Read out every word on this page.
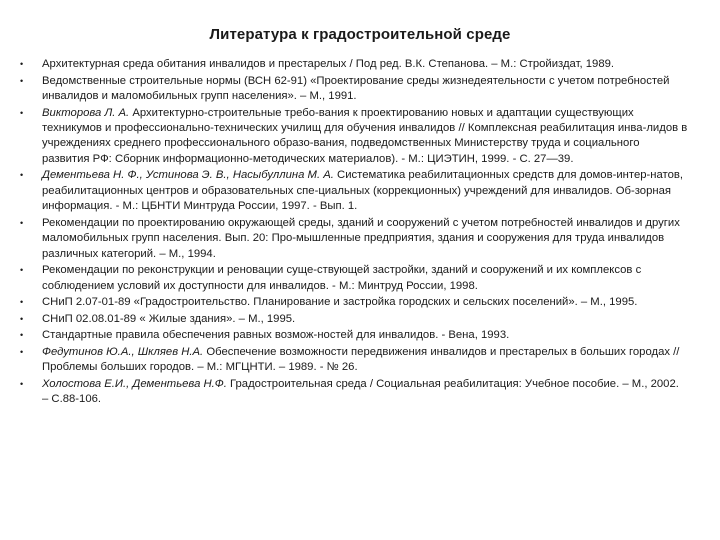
Литература к градостроительной среде
•	Архитектурная среда обитания инвалидов и престарелых / Под ред. В.К. Степанова. – М.: Стройиздат, 1989.
•	Ведомственные строительные нормы (ВСН 62-91) «Проектирование среды жизнедеятельности с учетом потребностей инвалидов и маломобильных групп населения». – М., 1991.
•	Викторова Л. А. Архитектурно-строительные требо-вания к проектированию новых и адаптации существующих техникумов и профессионально-технических училищ для обучения инвалидов // Комплексная реабилитация инва-лидов в учреждениях среднего профессионального образо-вания, подведомственных Министерству труда и социального развития РФ: Сборник информационно-методических материалов). - М.: ЦИЭТИН, 1999. - С. 27—39.
•	Дементьева Н. Ф., Устинова Э. В., Насыбуллина М. А. Систематика реабилитационных средств для домов-интер-натов, реабилитационных центров и образовательных спе-циальных (коррекционных) учреждений для инвалидов. Об-зорная информация. - М.: ЦБНТИ Минтруда России, 1997. - Вып. 1.
•	Рекомендации по проектированию окружающей среды, зданий и сооружений с учетом потребностей инвалидов и других маломобильных групп населения. Вып. 20: Про-мышленные предприятия, здания и сооружения для труда инвалидов различных категорий. – М., 1994.
•	Рекомендации по реконструкции и реновации суще-ствующей застройки, зданий и сооружений и их комплексов с соблюдением условий их доступности для инвалидов. - М.: Минтруд России, 1998.
•	СНиП 2.07-01-89 «Градостроительство. Планирование и застройка городских и сельских поселений». – М., 1995.
•	СНиП 02.08.01-89 « Жилые здания». – М., 1995.
•	Стандартные правила обеспечения равных возмож-ностей для инвалидов. - Вена, 1993.
•	Федутинов Ю.А., Шкляев Н.А. Обеспечение возможности передвижения инвалидов и престарелых в больших городах // Проблемы больших городов. – М.: МГЦНТИ. – 1989. - № 26.
•	Холостова Е.И., Дементьева Н.Ф. Градостроительная среда / Социальная реабилитация: Учебное пособие. – М., 2002. – С.88-106.
